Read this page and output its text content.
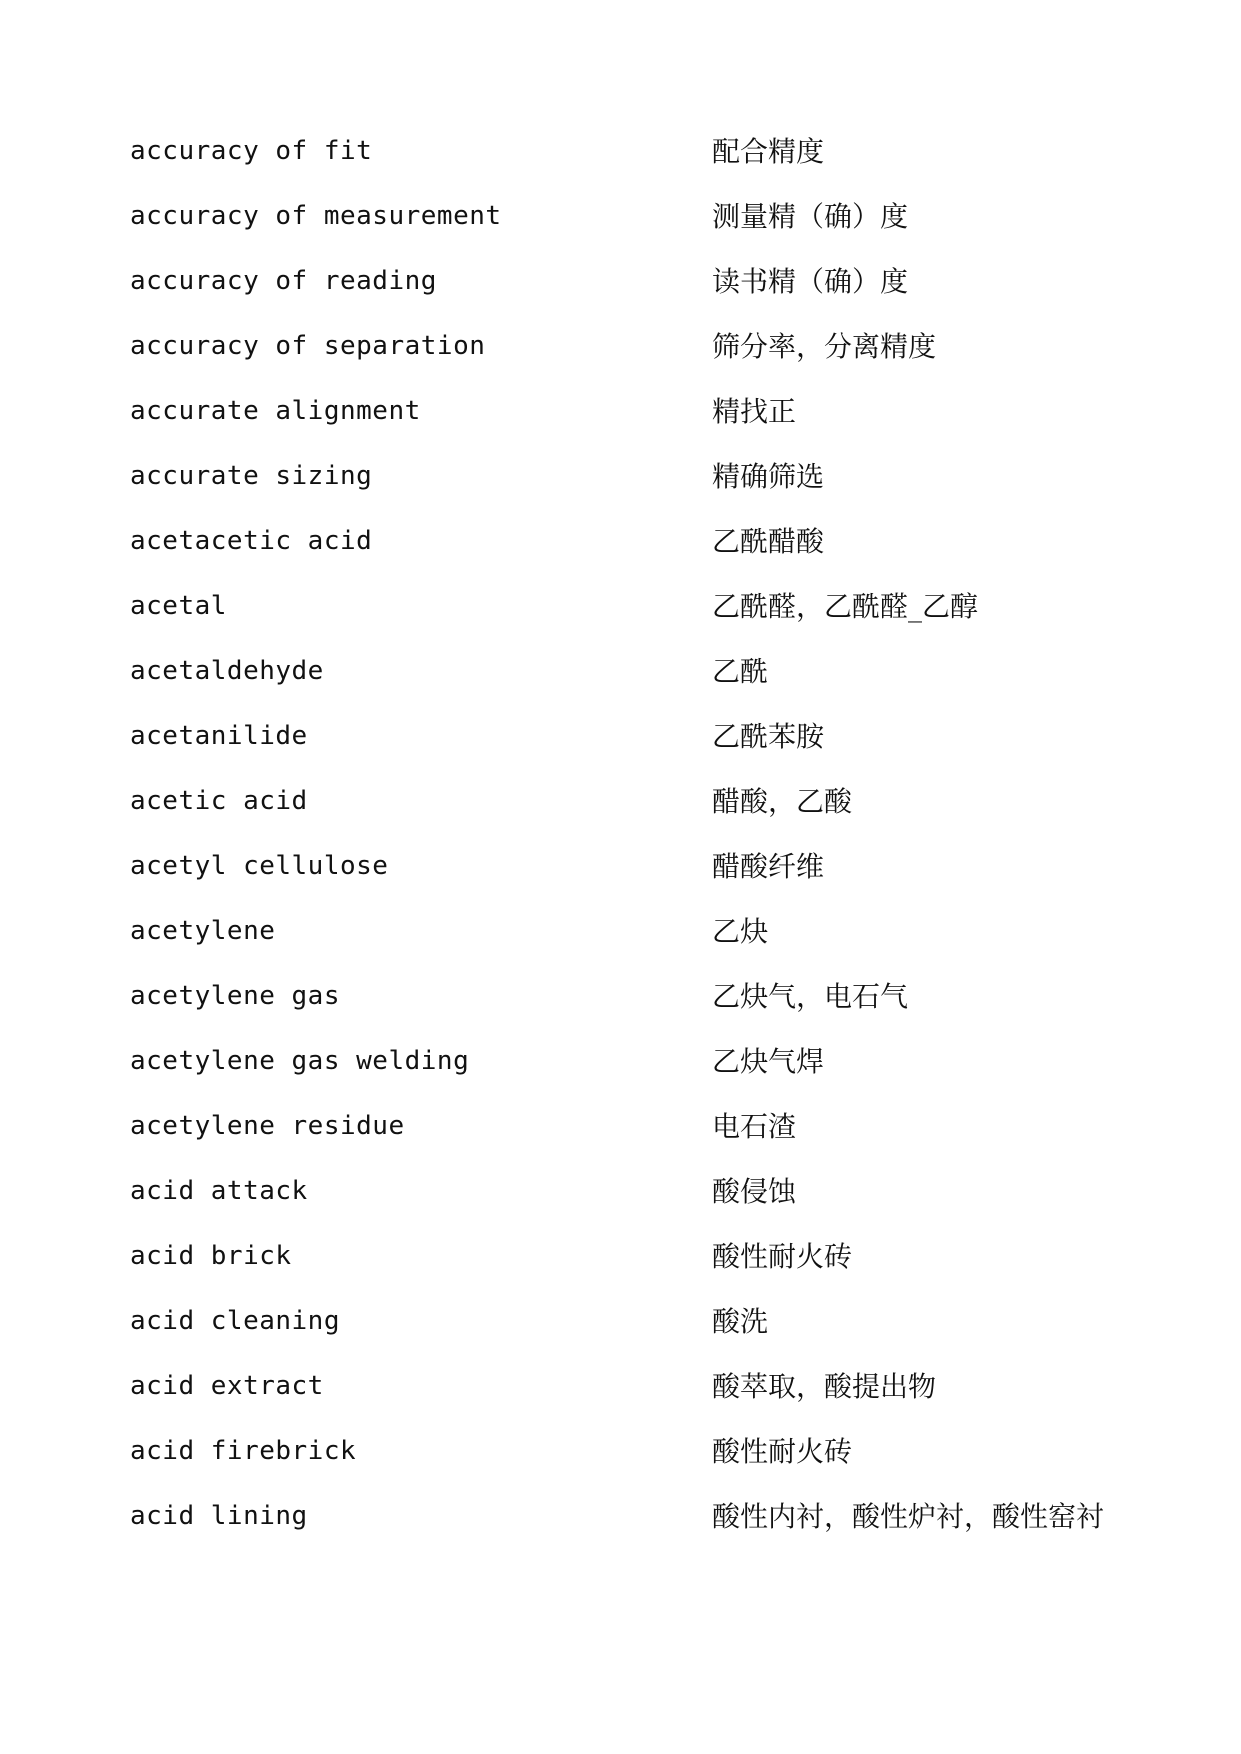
accuracy of fit	配合精度
accuracy of measurement	测量精（确）度
accuracy of reading	读书精（确）度
accuracy of separation	筛分率，分离精度
accurate alignment	精找正
accurate sizing	精确筛选
acetacetic acid	乙酰醋酸
acetal	乙酰醛，乙酰醛_乙醇
acetaldehyde	乙酰
acetanilide	乙酰苯胺
acetic acid	醋酸，乙酸
acetyl cellulose	醋酸纤维
acetylene	乙炔
acetylene gas	乙炔气，电石气
acetylene gas welding	乙炔气焊
acetylene residue	电石渣
acid attack	酸侵蚀
acid brick	酸性耐火砖
acid cleaning	酸洗
acid extract	酸萃取，酸提出物
acid firebrick	酸性耐火砖
acid lining	酸性内衬，酸性炉衬，酸性窑衬
